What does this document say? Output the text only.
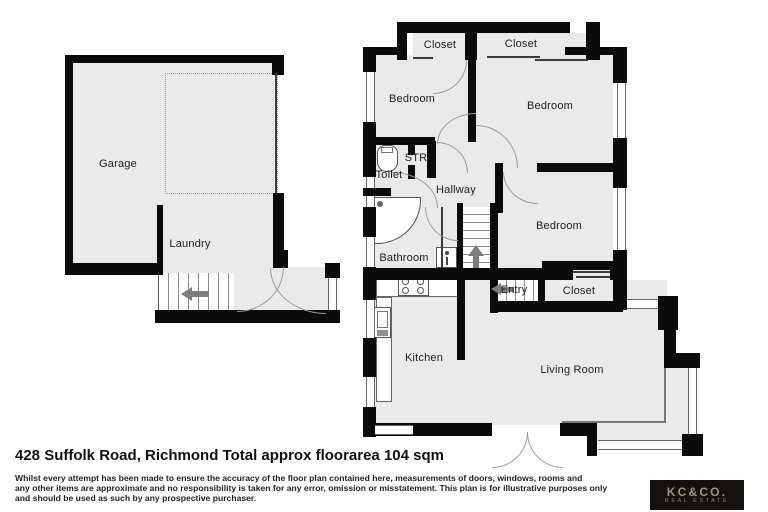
Garage
Laundry
Closet	Closet
Bedroom
Bedroom
STR
Toilet
Hallway
Bedroom
Bathroom
Entry	Closet
Kitchen
Living Room
428 Suffolk Road, Richmond Total approx floorarea 104 sqm
Whilst every attempt has been made to ensure the accuracy of the floor plan contained here, measurements of doors, windows, rooms and
any other items are approximate and no responsibility is taken for any error, omission or misstatement. This plan is for illustrative purposes only
and should be used as such by any prospective purchaser.	KC&CO.
REAL ESTATE
